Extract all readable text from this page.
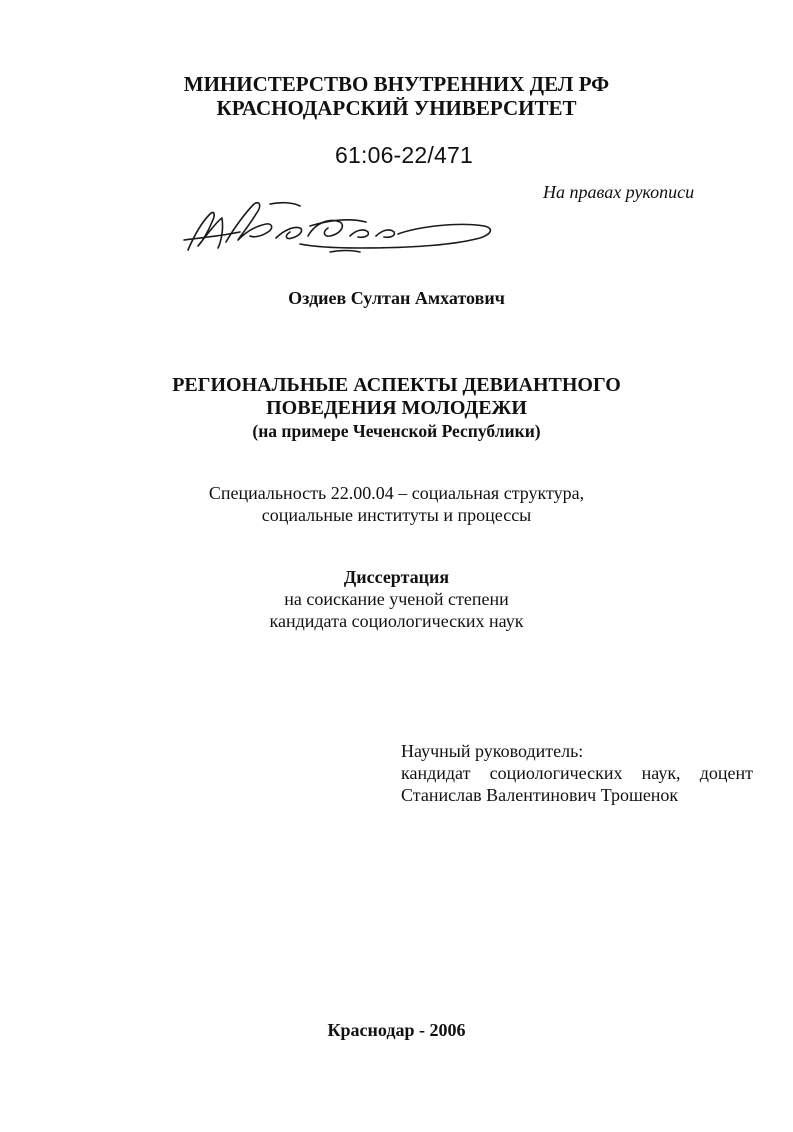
МИНИСТЕРСТВО ВНУТРЕННИХ ДЕЛ РФ
КРАСНОДАРСКИЙ УНИВЕРСИТЕТ
61:06-22/471
На правах рукописи
Оздиев Султан Амхатович
РЕГИОНАЛЬНЫЕ АСПЕКТЫ ДЕВИАНТНОГО
ПОВЕДЕНИЯ МОЛОДЕЖИ
(на примере Чеченской Республики)
Специальность 22.00.04 – социальная структура,
социальные институты и процессы
Диссертация
на соискание ученой степени
кандидата социологических наук
Научный руководитель:
кандидат социологических наук, доцент
Станислав Валентинович Трошенок
Краснодар - 2006
